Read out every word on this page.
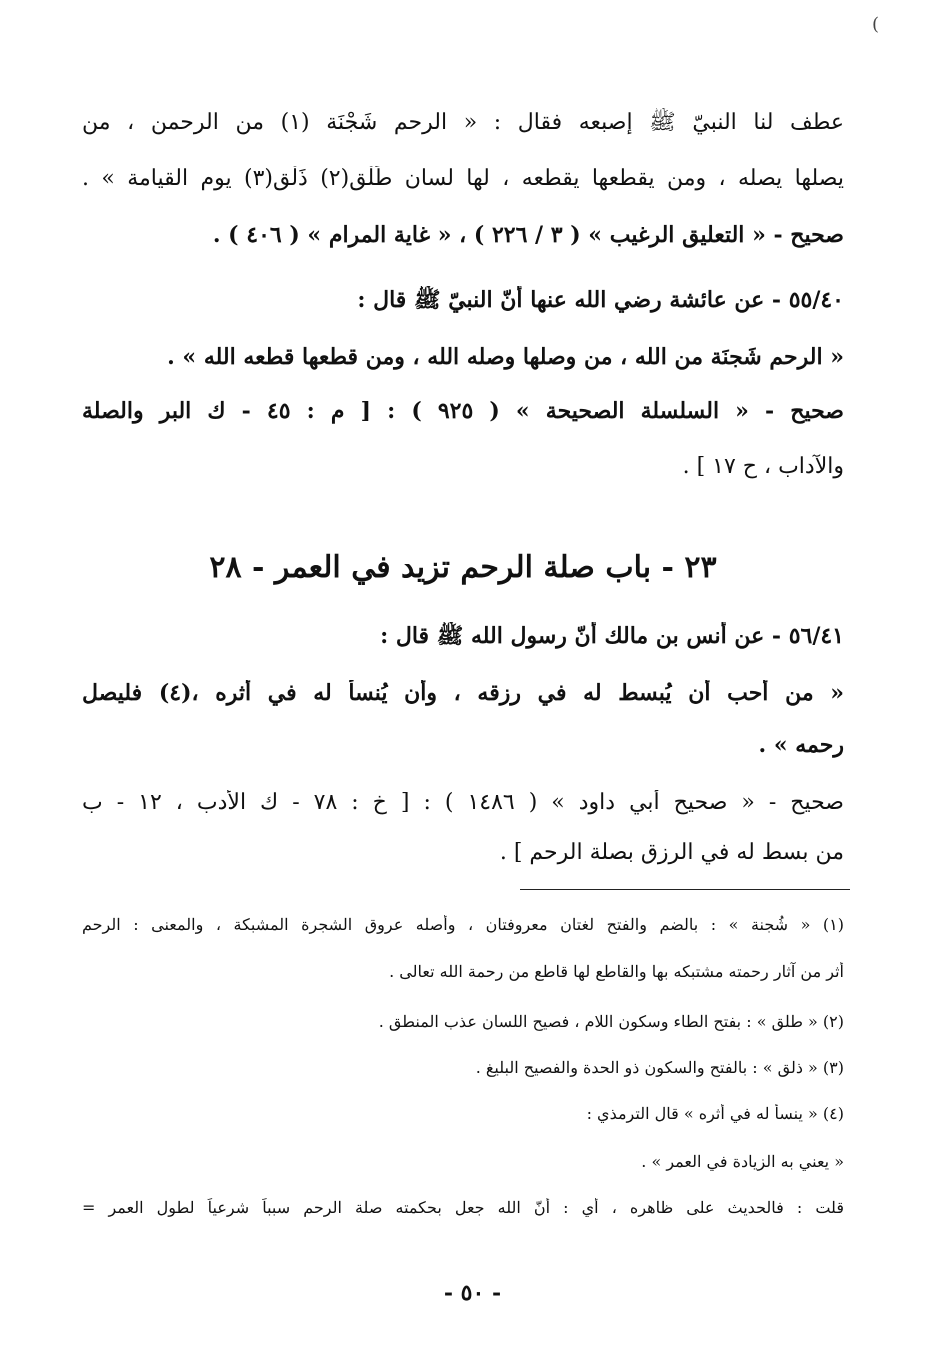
(
عطف لنا النبيّ ﷺ إصبعه فقال : « الرحم شَجْنَة (١) من الرحمن ، من
يصلها يصله ، ومن يقطعها يقطعه ، لها لسان طَلْق(٢) ذَلْق(٣) يوم القيامة » .
صحيح - « التعليق الرغيب » ( ٣ / ٢٢٦ ) ، « غاية المرام » ( ٤٠٦ ) .
٥٥/٤٠ - عن عائشة رضي الله عنها أنّ النبيّ ﷺ قال :
« الرحم شَجنَة من الله ، من وصلها وصله الله ، ومن قطعها قطعه الله » .
صحيح - « السلسلة الصحيحة » ( ٩٢٥ ) : [ م : ٤٥ - ك البر والصلة
والآداب ، ح ١٧ ] .
٢٣ - باب صلة الرحم تزيد في العمر - ٢٨
٥٦/٤١ - عن أنس بن مالك أنّ رسول الله ﷺ قال :
« من أحب أن يُبسط له في رزقه ، وأن يُنسأ له في أثره ،(٤) فليصل
رحمه » .
صحيح - « صحيح أبي داود » ( ١٤٨٦ ) : [ خ : ٧٨ - ك الأدب ، ١٢ - ب
من بسط له في الرزق بصلة الرحم ] .
(١) « شُجنة » : بالضم والفتح لغتان معروفتان ، وأصله عروق الشجرة المشبكة ، والمعنى : الرحم
أثر من آثار رحمته مشتبكه بها والقاطع لها قاطع من رحمة الله تعالى .
(٢) « طلق » : بفتح الطاء وسكون اللام ، فصيح اللسان عذب المنطق .
(٣) « ذلق » : بالفتح والسكون ذو الحدة والفصيح البليغ .
(٤) « ينسأ له في أثره » قال الترمذي :
« يعني به الزيادة في العمر » .
قلت : فالحديث على ظاهره ، أي : أنّ الله جعل بحكمته صلة الرحم سبباً شرعياً لطول العمر =
- ٥٠ -
